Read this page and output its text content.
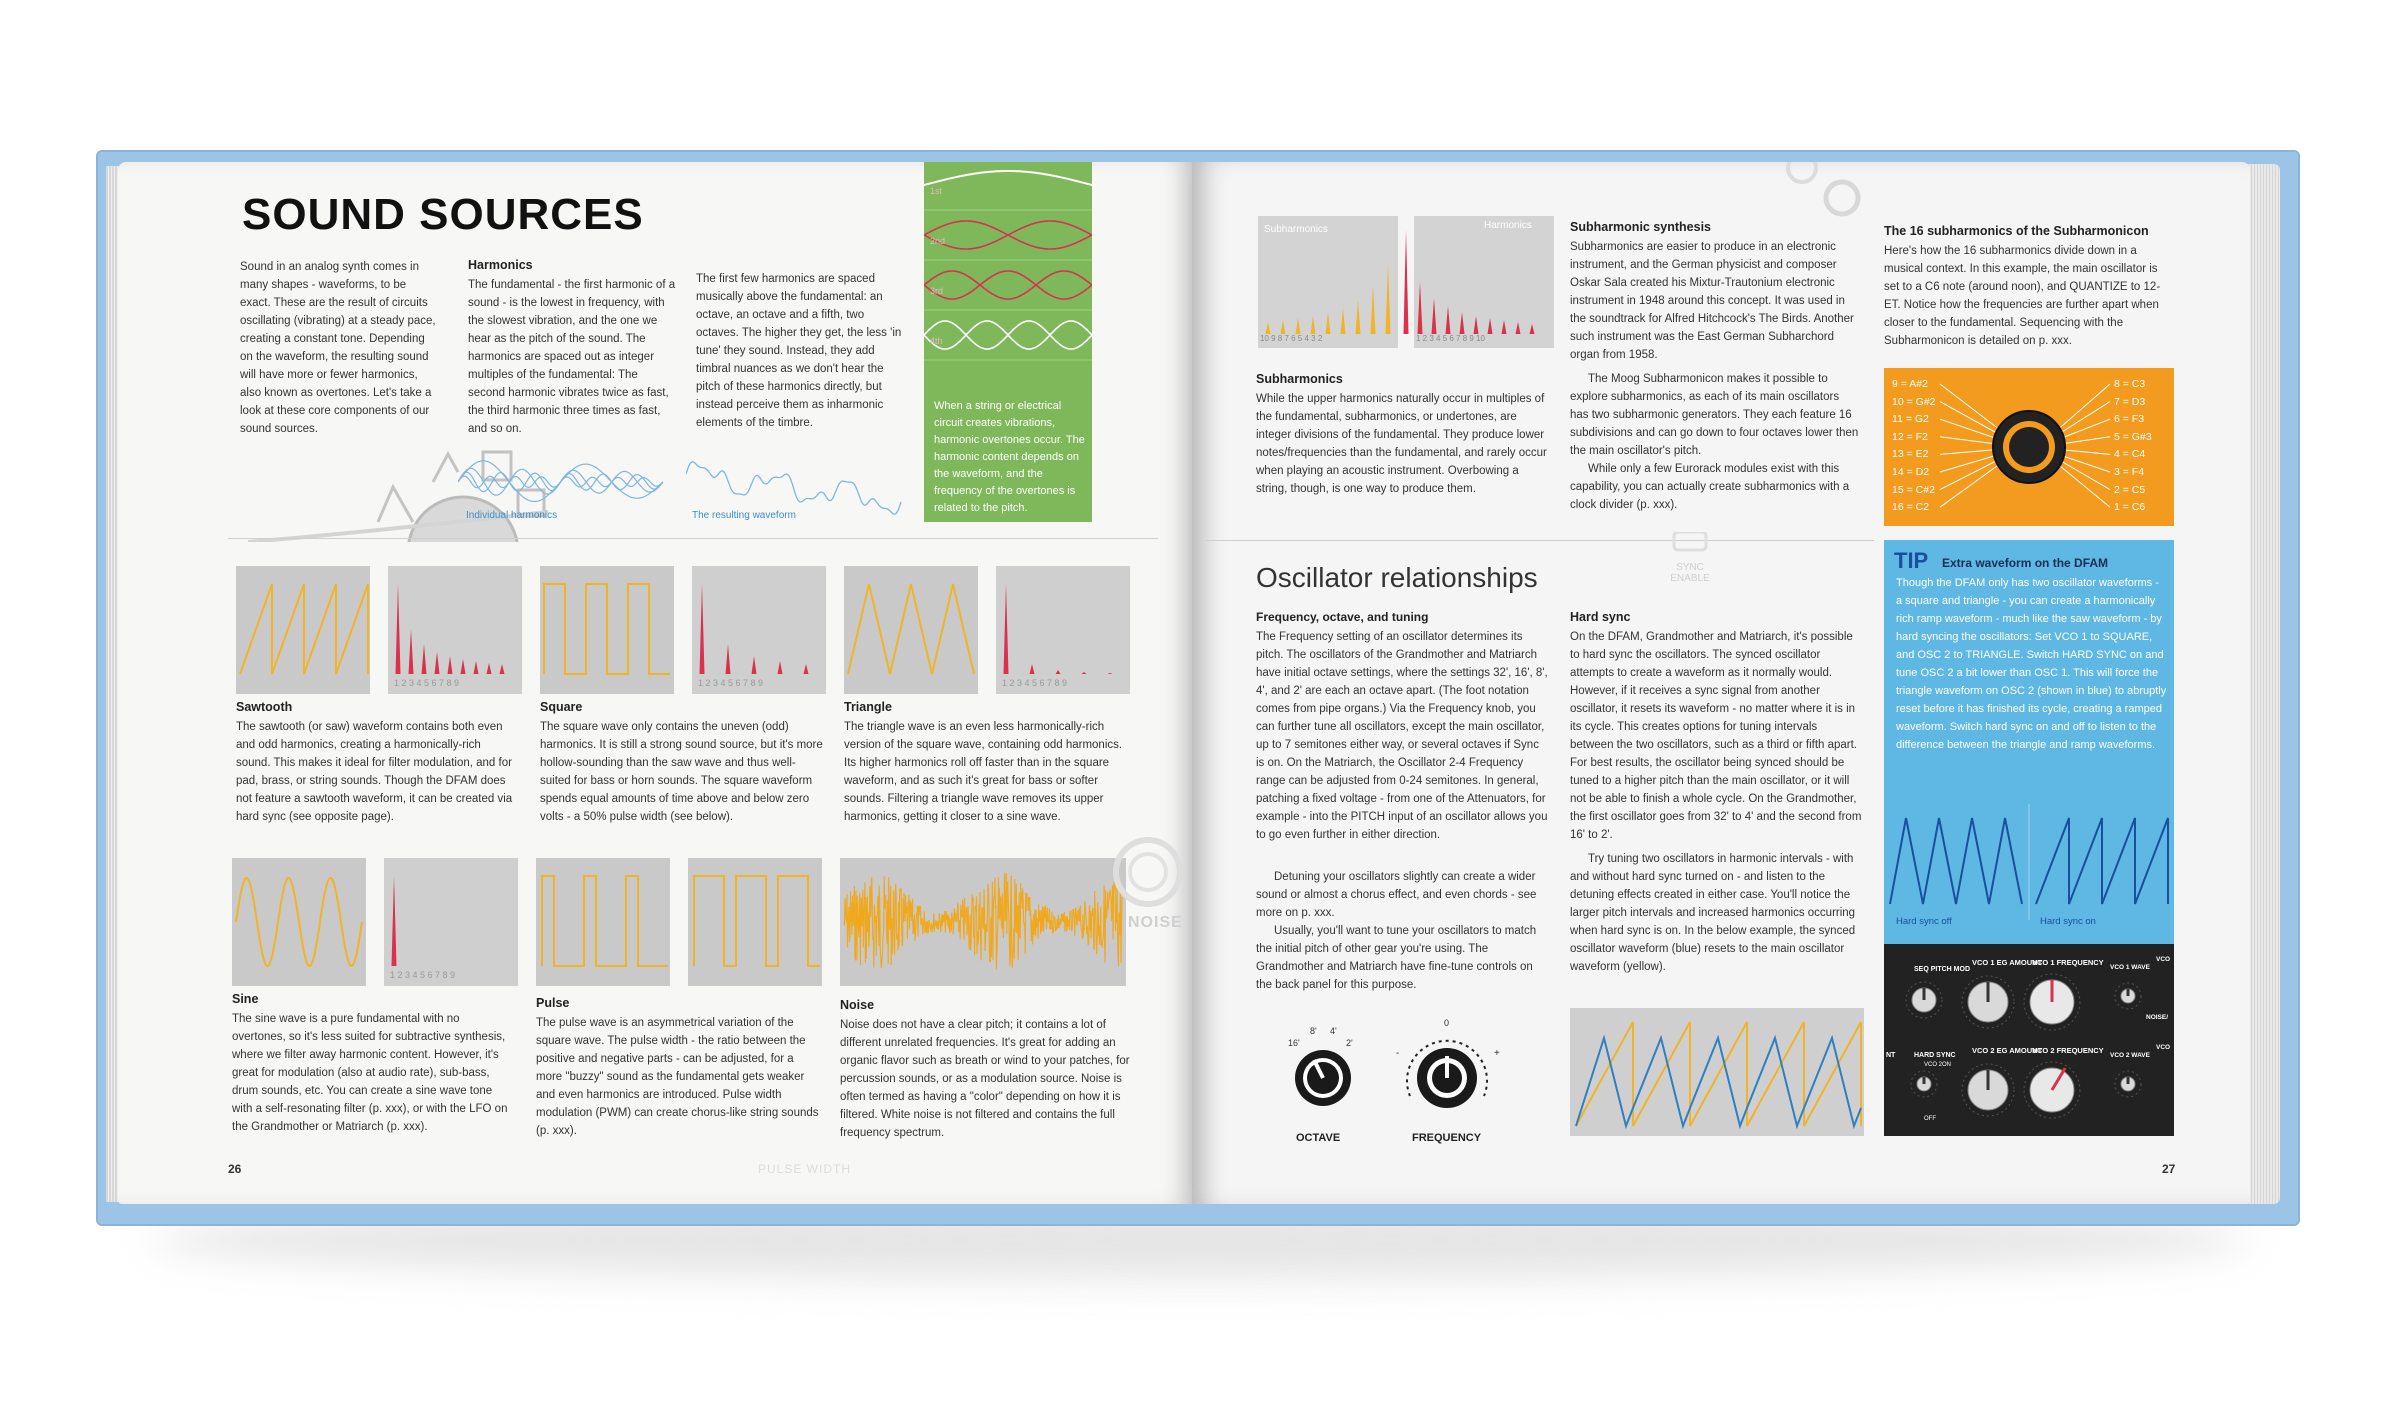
SOUND SOURCES
Sound in an analog synth comes in many shapes - waveforms, to be exact. These are the result of circuits oscillating (vibrating) at a steady pace, creating a constant tone. Depending on the waveform, the resulting sound will have more or fewer harmonics, also known as overtones. Let's take a look at these core components of our sound sources.
Harmonics
The fundamental - the first harmonic of a sound - is the lowest in frequency, with the slowest vibration, and the one we hear as the pitch of the sound. The harmonics are spaced out as integer multiples of the fundamental: The second harmonic vibrates twice as fast, the third harmonic three times as fast, and so on.
The first few harmonics are spaced musically above the fundamental: an octave, an octave and a fifth, two octaves. The higher they get, the less 'in tune' they sound. Instead, they add timbral nuances as we don't hear the pitch of these harmonics directly, but instead perceive them as inharmonic elements of the timbre.
Individual harmonics	The resulting waveform
1st
2nd
3rd
4th
When a string or electrical circuit creates vibrations, harmonic overtones occur. The harmonic content depends on the waveform, and the frequency of the overtones is related to the pitch.
1 2 3 4 5 6 7 8 9	1 2 3 4 5 6 7 8 9	1 2 3 4 5 6 7 8 9
Sawtooth
The sawtooth (or saw) waveform contains both even and odd harmonics, creating a harmonically-rich sound. This makes it ideal for filter modulation, and for pad, brass, or string sounds. Though the DFAM does not feature a sawtooth waveform, it can be created via hard sync (see opposite page).
Square
The square wave only contains the uneven (odd) harmonics. It is still a strong sound source, but it's more hollow-sounding than the saw wave and thus well-suited for bass or horn sounds. The square waveform spends equal amounts of time above and below zero volts - a 50% pulse width (see below).
Triangle
The triangle wave is an even less harmonically-rich version of the square wave, containing odd harmonics. Its higher harmonics roll off faster than in the square waveform, and as such it's great for bass or softer sounds. Filtering a triangle wave removes its upper harmonics, getting it closer to a sine wave.
1 2 3 4 5 6 7 8 9
NOISE
Sine
The sine wave is a pure fundamental with no overtones, so it's less suited for subtractive synthesis, where we filter away harmonic content. However, it's great for modulation (also at audio rate), sub-bass, drum sounds, etc. You can create a sine wave tone with a self-resonating filter (p. xxx), or with the LFO on the Grandmother or Matriarch (p. xxx).
Pulse
The pulse wave is an asymmetrical variation of the square wave. The pulse width - the ratio between the positive and negative parts - can be adjusted, for a more "buzzy" sound as the fundamental gets weaker and even harmonics are introduced. Pulse width modulation (PWM) can create chorus-like string sounds (p. xxx).
Noise
Noise does not have a clear pitch; it contains a lot of different unrelated frequencies. It's great for adding an organic flavor such as breath or wind to your patches, for percussion sounds, or as a modulation source. Noise is often termed as having a "color" depending on how it is filtered. White noise is not filtered and contains the full frequency spectrum.
PULSE WIDTH
26
Subharmonics	Harmonics
10 9 8 7 6 5 4 3 2	1 2 3 4 5 6 7 8 9 10
Subharmonics
While the upper harmonics naturally occur in multiples of the fundamental, subharmonics, or undertones, are integer divisions of the fundamental. They produce lower notes/frequencies than the fundamental, and rarely occur when playing an acoustic instrument. Overbowing a string, though, is one way to produce them.
Subharmonic synthesis
Subharmonics are easier to produce in an electronic instrument, and the German physicist and composer Oskar Sala created his Mixtur-Trautonium electronic instrument in 1948 around this concept. It was used in the soundtrack for Alfred Hitchcock's The Birds. Another such instrument was the East German Subharchord organ from 1958.
The Moog Subharmonicon makes it possible to explore subharmonics, as each of its main oscillators has two subharmonic generators. They each feature 16 subdivisions and can go down to four octaves lower then the main oscillator's pitch.
While only a few Eurorack modules exist with this capability, you can actually create subharmonics with a clock divider (p. xxx).
The 16 subharmonics of the Subharmonicon
Here's how the 16 subharmonics divide down in a musical context. In this example, the main oscillator is set to a C6 note (around noon), and QUANTIZE to 12-ET. Notice how the frequencies are further apart when closer to the fundamental. Sequencing with the Subharmonicon is detailed on p. xxx.
9 = A#2
10 = G#2
11 = G2
12 = F2
13 = E2
14 = D2
15 = C#2
16 = C2
8 = C3
7 = D3
6 = F3
5 = G#3
4 = C4
3 = F4
2 = C5
1 = C6
Oscillator relationships	SYNC ENABLE
Frequency, octave, and tuning
The Frequency setting of an oscillator determines its pitch. The oscillators of the Grandmother and Matriarch have initial octave settings, where the settings 32', 16', 8', 4', and 2' are each an octave apart. (The foot notation comes from pipe organs.) Via the Frequency knob, you can further tune all oscillators, except the main oscillator, up to 7 semitones either way, or several octaves if Sync is on. On the Matriarch, the Oscillator 2-4 Frequency range can be adjusted from 0-24 semitones. In general, patching a fixed voltage - from one of the Attenuators, for example - into the PITCH input of an oscillator allows you to go even further in either direction.
Detuning your oscillators slightly can create a wider sound or almost a chorus effect, and even chords - see more on p. xxx.
Usually, you'll want to tune your oscillators to match the initial pitch of other gear you're using. The Grandmother and Matriarch have fine-tune controls on the back panel for this purpose.
16'
8' 4'
2'
OCTAVE
0
-	+
FREQUENCY
Hard sync
On the DFAM, Grandmother and Matriarch, it's possible to hard sync the oscillators. The synced oscillator attempts to create a waveform as it normally would. However, if it receives a sync signal from another oscillator, it resets its waveform - no matter where it is in its cycle. This creates options for tuning intervals between the two oscillators, such as a third or fifth apart. For best results, the oscillator being synced should be tuned to a higher pitch than the main oscillator, or it will not be able to finish a whole cycle. On the Grandmother, the first oscillator goes from 32' to 4' and the second from 16' to 2'.
Try tuning two oscillators in harmonic intervals - with and without hard sync turned on - and listen to the detuning effects created in either case. You'll notice the larger pitch intervals and increased harmonics occurring when hard sync is on. In the below example, the synced oscillator waveform (blue) resets to the main oscillator waveform (yellow).
TIP Extra waveform on the DFAM
Though the DFAM only has two oscillator waveforms - a square and triangle - you can create a harmonically rich ramp waveform - much like the saw waveform - by hard syncing the oscillators: Set VCO 1 to SQUARE, and OSC 2 to TRIANGLE. Switch HARD SYNC on and tune OSC 2 a bit lower than OSC 1. This will force the triangle waveform on OSC 2 (shown in blue) to abruptly reset before it has finished its cycle, creating a ramped waveform. Switch hard sync on and off to listen to the difference between the triangle and ramp waveforms.
Hard sync off	Hard sync on
SEQ PITCH MOD
VCO 1 EG AMOUNT
VCO 1 FREQUENCY
VCO 1 WAVE
VCO
HARD SYNC
VCO 2 EG AMOUNT
VCO 2 FREQUENCY
VCO 2 WAVE
VCO
NOISE/
VCO 2 ON
OFF
NT
27
